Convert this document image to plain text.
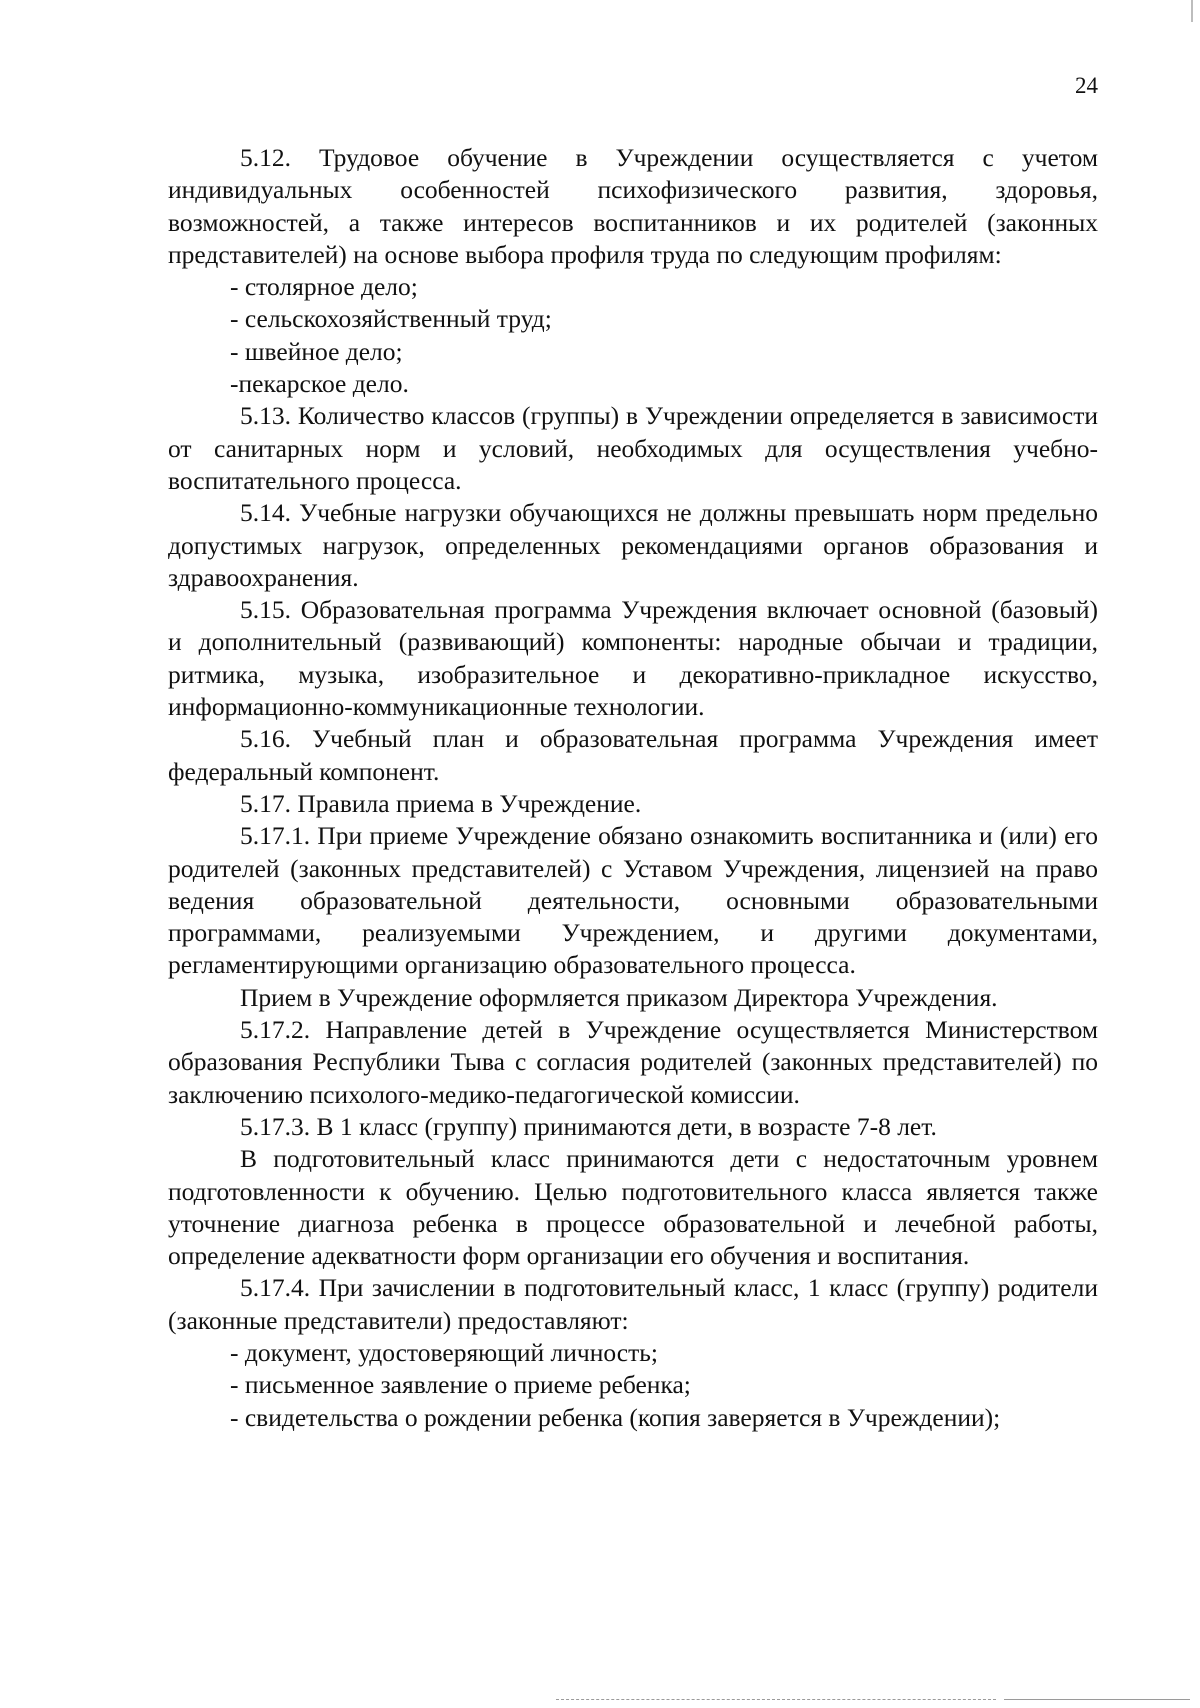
24

5.12. Трудовое обучение в Учреждении осуществляется с учетом индивидуальных особенностей психофизического развития, здоровья, возможностей, а также интересов воспитанников и их родителей (законных представителей) на основе выбора профиля труда по следующим профилям:

- столярное дело;

- сельскохозяйственный труд;

- швейное дело;

-пекарское дело.

5.13. Количество классов (группы) в Учреждении определяется в зависимости от санитарных норм и условий, необходимых для осуществления учебно-воспитательного процесса.

5.14. Учебные нагрузки обучающихся не должны превышать норм предельно допустимых нагрузок, определенных рекомендациями органов образования и здравоохранения.

5.15. Образовательная программа Учреждения включает основной (базовый) и дополнительный (развивающий) компоненты: народные обычаи и традиции, ритмика, музыка, изобразительное и декоративно-прикладное искусство, информационно-коммуникационные технологии.

5.16. Учебный план и образовательная программа Учреждения имеет федеральный компонент.

5.17. Правила приема в Учреждение.

5.17.1. При приеме Учреждение обязано ознакомить воспитанника и (или) его родителей (законных представителей) с Уставом Учреждения, лицензией на право ведения образовательной деятельности, основными образовательными программами, реализуемыми Учреждением, и другими документами, регламентирующими организацию образовательного процесса.

Прием в Учреждение оформляется приказом Директора Учреждения.

5.17.2. Направление детей в Учреждение осуществляется Министерством образования Республики Тыва с согласия родителей (законных представителей) по заключению психолого-медико-педагогической комиссии.

5.17.3. В 1 класс (группу) принимаются дети, в возрасте 7-8 лет.

В подготовительный класс принимаются дети с недостаточным уровнем подготовленности к обучению. Целью подготовительного класса является также уточнение диагноза ребенка в процессе образовательной и лечебной работы, определение адекватности форм организации его обучения и воспитания.

5.17.4. При зачислении в подготовительный класс, 1 класс (группу) родители (законные представители) предоставляют:

- документ, удостоверяющий личность;

- письменное заявление о приеме ребенка;

- свидетельства о рождении ребенка (копия заверяется в Учреждении);
